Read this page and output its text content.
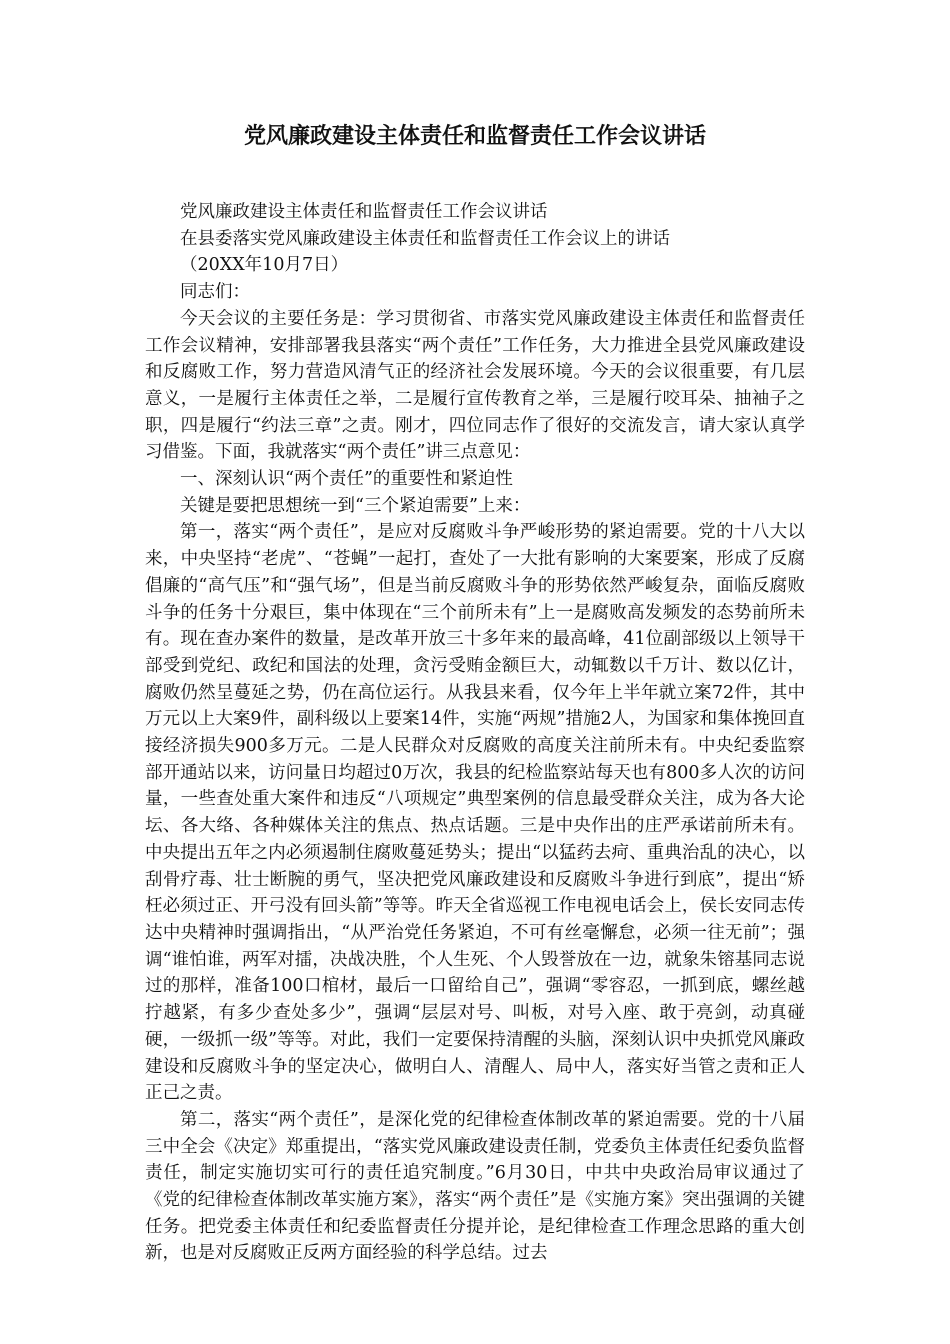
党风廉政建设主体责任和监督责任工作会议讲话

党风廉政建设主体责任和监督责任工作会议讲话

在县委落实党风廉政建设主体责任和监督责任工作会议上的讲话

（20XX年10月7日）

同志们：

今天会议的主要任务是：学习贯彻省、市落实党风廉政建设主体责任和监督责任工作会议精神，安排部署我县落实“两个责任”工作任务，大力推进全县党风廉政建设和反腐败工作，努力营造风清气正的经济社会发展环境。今天的会议很重要，有几层意义，一是履行主体责任之举，二是履行宣传教育之举，三是履行咬耳朵、抽袖子之职，四是履行“约法三章”之责。刚才，四位同志作了很好的交流发言，请大家认真学习借鉴。下面，我就落实“两个责任”讲三点意见：

一、深刻认识“两个责任”的重要性和紧迫性

关键是要把思想统一到“三个紧迫需要”上来：

第一，落实“两个责任”，是应对反腐败斗争严峻形势的紧迫需要。党的十八大以来，中央坚持“老虎”、“苍蝇”一起打，查处了一大批有影响的大案要案，形成了反腐倡廉的“高气压”和“强气场”，但是当前反腐败斗争的形势依然严峻复杂，面临反腐败斗争的任务十分艰巨，集中体现在“三个前所未有”上一是腐败高发频发的态势前所未有。现在查办案件的数量，是改革开放三十多年来的最高峰，41位副部级以上领导干部受到党纪、政纪和国法的处理，贪污受贿金额巨大，动辄数以千万计、数以亿计，腐败仍然呈蔓延之势，仍在高位运行。从我县来看，仅今年上半年就立案72件，其中万元以上大案9件，副科级以上要案14件，实施“两规”措施2人，为国家和集体挽回直接经济损失900多万元。二是人民群众对反腐败的高度关注前所未有。中央纪委监察部开通站以来，访问量日均超过0万次，我县的纪检监察站每天也有800多人次的访问量，一些查处重大案件和违反“八项规定”典型案例的信息最受群众关注，成为各大论坛、各大络、各种媒体关注的焦点、热点话题。三是中央作出的庄严承诺前所未有。中央提出五年之内必须遏制住腐败蔓延势头；提出“以猛药去疴、重典治乱的决心，以刮骨疗毒、壮士断腕的勇气，坚决把党风廉政建设和反腐败斗争进行到底”，提出“矫枉必须过正、开弓没有回头箭”等等。昨天全省巡视工作电视电话会上，侯长安同志传达中央精神时强调指出，“从严治党任务紧迫，不可有丝毫懈怠，必须一往无前”；强调“谁怕谁，两军对擂，决战决胜，个人生死、个人毁誉放在一边，就象朱镕基同志说过的那样，准备100口棺材，最后一口留给自己”，强调“零容忍，一抓到底，螺丝越拧越紧，有多少查处多少”，强调“层层对号、叫板，对号入座、敢于亮剑，动真碰硬，一级抓一级”等等。对此，我们一定要保持清醒的头脑，深刻认识中央抓党风廉政建设和反腐败斗争的坚定决心，做明白人、清醒人、局中人，落实好当管之责和正人正己之责。

第二，落实“两个责任”，是深化党的纪律检查体制改革的紧迫需要。党的十八届三中全会《决定》郑重提出，“落实党风廉政建设责任制，党委负主体责任纪委负监督责任，制定实施切实可行的责任追究制度。”6月30日，中共中央政治局审议通过了《党的纪律检查体制改革实施方案》，落实“两个责任”是《实施方案》突出强调的关键任务。把党委主体责任和纪委监督责任分提并论，是纪律检查工作理念思路的重大创新，也是对反腐败正反两方面经验的科学总结。过去
